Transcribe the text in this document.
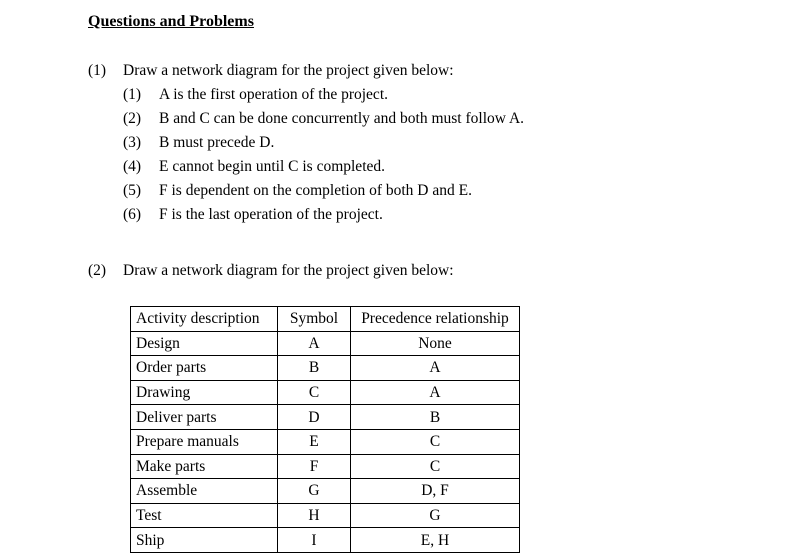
Questions and Problems
(1) Draw a network diagram for the project given below:
(1) A is the first operation of the project.
(2) B and C can be done concurrently and both must follow A.
(3) B must precede D.
(4) E cannot begin until C is completed.
(5) F is dependent on the completion of both D and E.
(6) F is the last operation of the project.
(2) Draw a network diagram for the project given below:
Activity description	Symbol	Precedence relationship
Design	A	None
Order parts	B	A
Drawing	C	A
Deliver parts	D	B
Prepare manuals	E	C
Make parts	F	C
Assemble	G	D, F
Test	H	G
Ship	I	E, H
